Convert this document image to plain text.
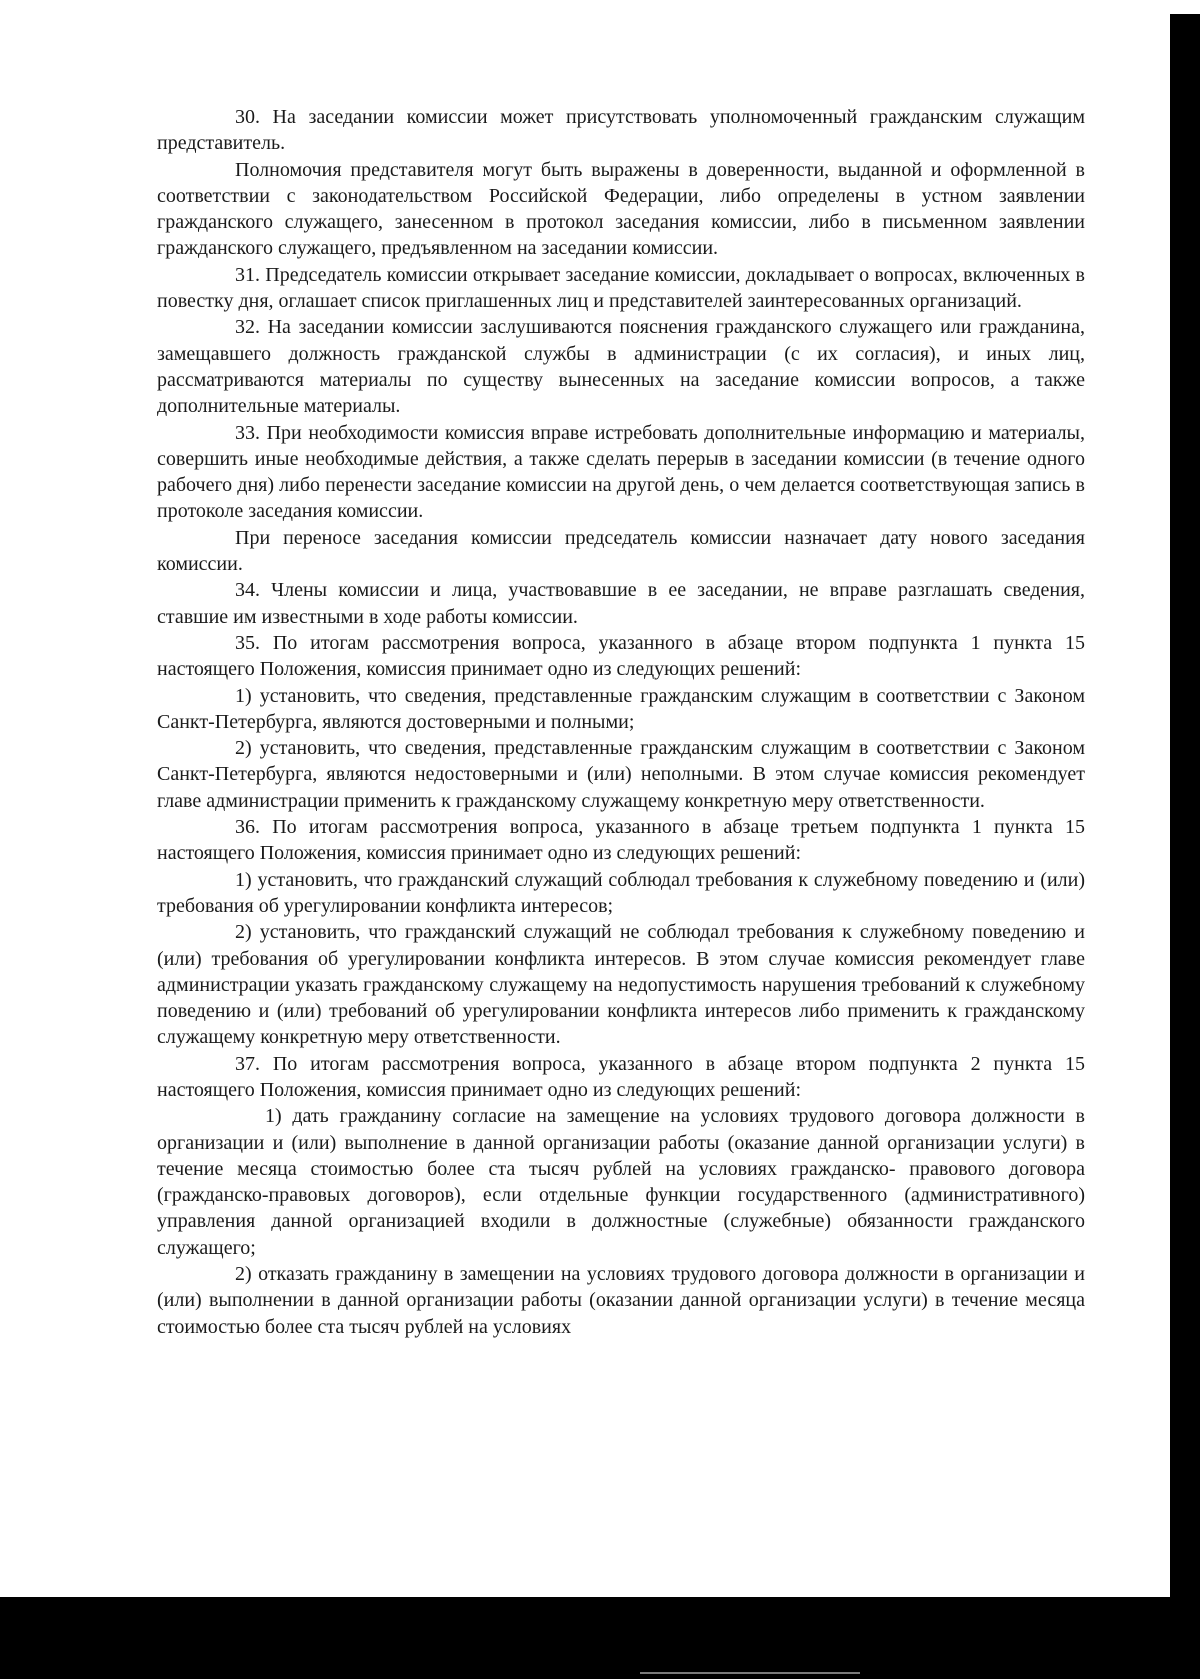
30. На заседании комиссии может присутствовать уполномоченный гражданским служащим представитель.

Полномочия представителя могут быть выражены в доверенности, выданной и оформленной в соответствии с законодательством Российской Федерации, либо определены в устном заявлении гражданского служащего, занесенном в протокол заседания комиссии, либо в письменном заявлении гражданского служащего, предъявленном на заседании комиссии.

31. Председатель комиссии открывает заседание комиссии, докладывает о вопросах, включенных в повестку дня, оглашает список приглашенных лиц и представителей заинтересованных организаций.

32. На заседании комиссии заслушиваются пояснения гражданского служащего или гражданина, замещавшего должность гражданской службы в администрации (с их согласия), и иных лиц, рассматриваются материалы по существу вынесенных на заседание комиссии вопросов, а также дополнительные материалы.

33. При необходимости комиссия вправе истребовать дополнительные информацию и материалы, совершить иные необходимые действия, а также сделать перерыв в заседании комиссии (в течение одного рабочего дня) либо перенести заседание комиссии на другой день, о чем делается соответствующая запись в протоколе заседания комиссии.

При переносе заседания комиссии председатель комиссии назначает дату нового заседания комиссии.

34. Члены комиссии и лица, участвовавшие в ее заседании, не вправе разглашать сведения, ставшие им известными в ходе работы комиссии.

35. По итогам рассмотрения вопроса, указанного в абзаце втором подпункта 1 пункта 15 настоящего Положения, комиссия принимает одно из следующих решений:

1) установить, что сведения, представленные гражданским служащим в соответствии с Законом Санкт-Петербурга, являются достоверными и полными;

2) установить, что сведения, представленные гражданским служащим в соответствии с Законом Санкт-Петербурга, являются недостоверными и (или) неполными. В этом случае комиссия рекомендует главе администрации применить к гражданскому служащему конкретную меру ответственности.

36. По итогам рассмотрения вопроса, указанного в абзаце третьем подпункта 1 пункта 15 настоящего Положения, комиссия принимает одно из следующих решений:

1) установить, что гражданский служащий соблюдал требования к служебному поведению и (или) требования об урегулировании конфликта интересов;

2) установить, что гражданский служащий не соблюдал требования к служебному поведению и (или) требования об урегулировании конфликта интересов. В этом случае комиссия рекомендует главе администрации указать гражданскому служащему на недопустимость нарушения требований к служебному поведению и (или) требований об урегулировании конфликта интересов либо применить к гражданскому служащему конкретную меру ответственности.

37. По итогам рассмотрения вопроса, указанного в абзаце втором подпункта 2 пункта 15 настоящего Положения, комиссия принимает одно из следующих решений:

1) дать гражданину согласие на замещение на условиях трудового договора должности в организации и (или) выполнение в данной организации работы (оказание данной организации услуги) в течение месяца стоимостью более ста тысяч рублей на условиях гражданско- правового договора (гражданско-правовых договоров), если отдельные функции государственного (административного) управления данной организацией входили в должностные (служебные) обязанности гражданского служащего;

2) отказать гражданину в замещении на условиях трудового договора должности в организации и (или) выполнении в данной организации работы (оказании данной организации услуги) в течение месяца стоимостью более ста тысяч рублей на условиях
